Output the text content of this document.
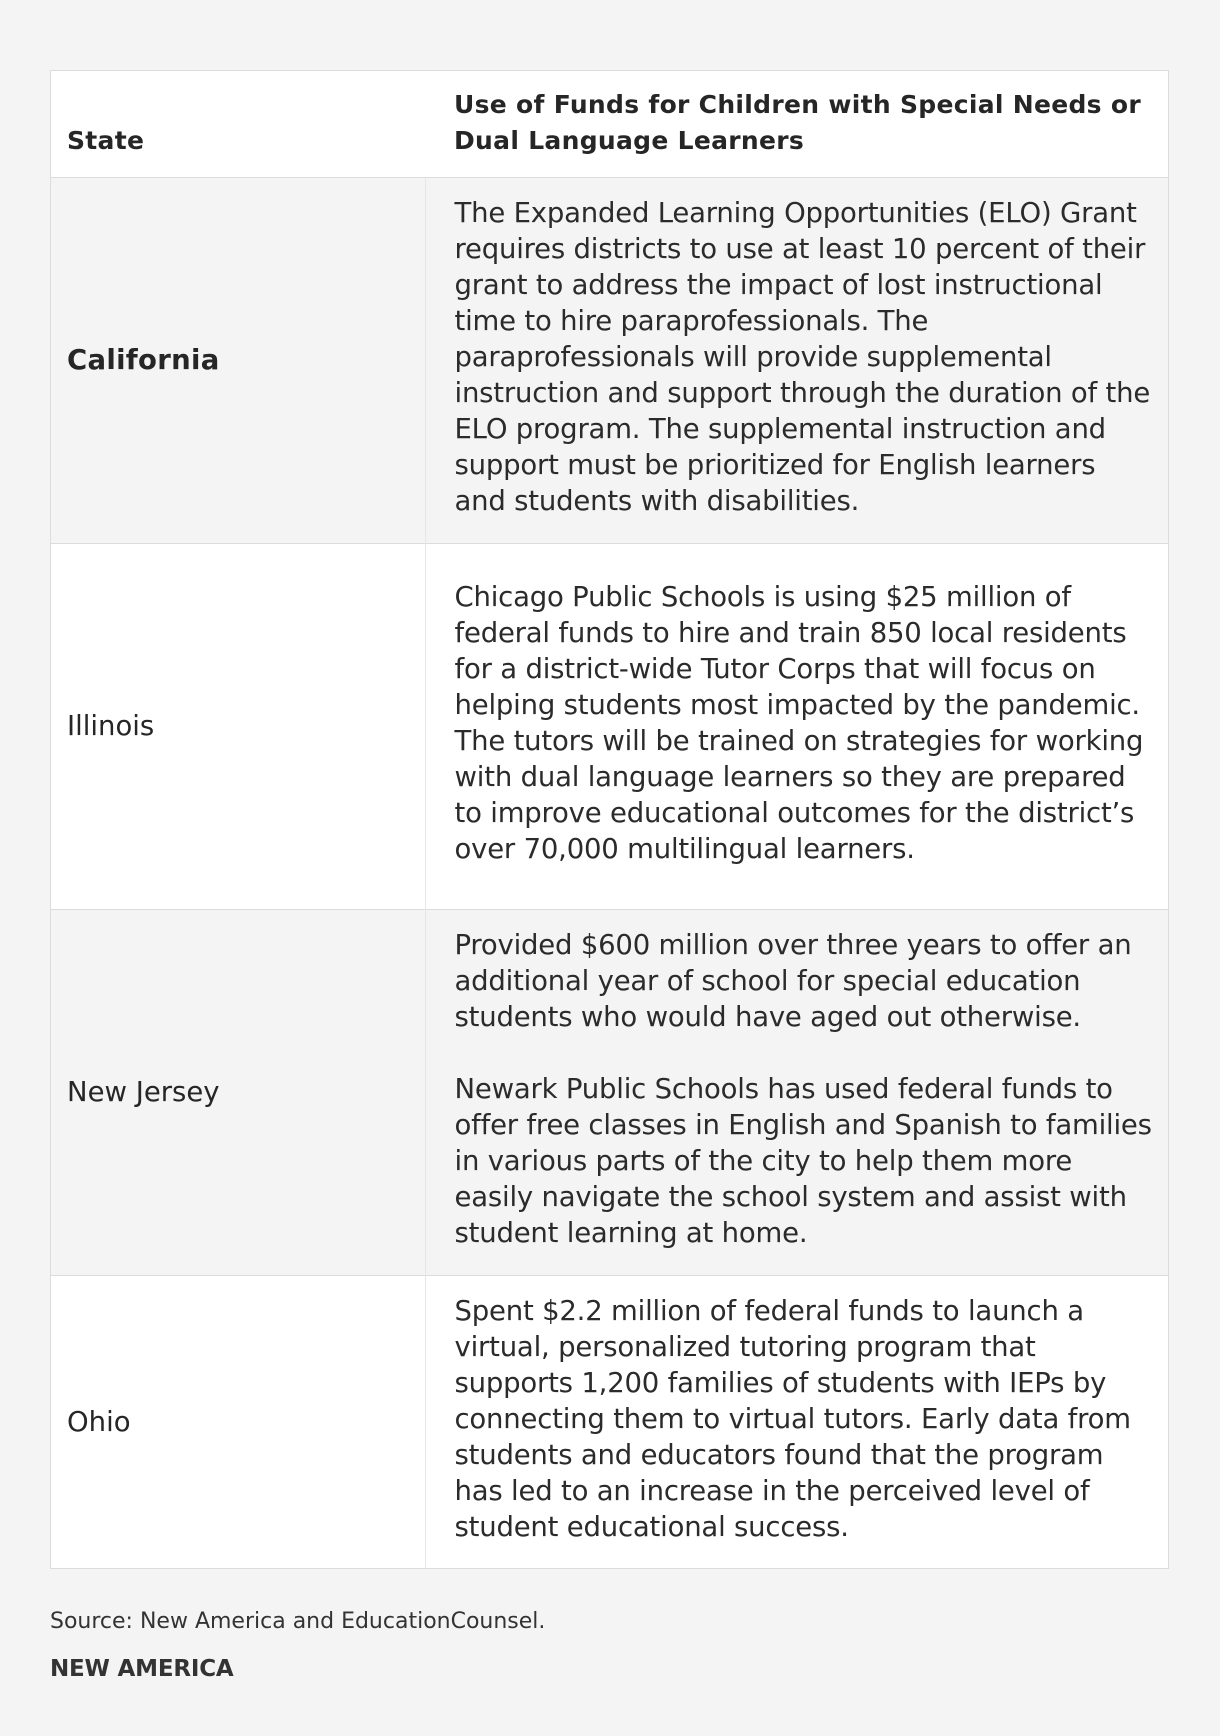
State	Use of Funds for Children with Special Needs or Dual Language Learners
California	The Expanded Learning Opportunities (ELO) Grant requires districts to use at least 10 percent of their grant to address the impact of lost instructional time to hire paraprofessionals. The paraprofessionals will provide supplemental instruction and support through the duration of the ELO program. The supplemental instruction and support must be prioritized for English learners and students with disabilities.

Illinois	Chicago Public Schools is using $25 million of federal funds to hire and train 850 local residents for a district-wide Tutor Corps that will focus on helping students most impacted by the pandemic. The tutors will be trained on strategies for working with dual language learners so they are prepared to improve educational outcomes for the district’s over 70,000 multilingual learners.

New Jersey	Provided $600 million over three years to offer an additional year of school for special education students who would have aged out otherwise.

Newark Public Schools has used federal funds to offer free classes in English and Spanish to families in various parts of the city to help them more easily navigate the school system and assist with student learning at home.

Ohio	Spent $2.2 million of federal funds to launch a virtual, personalized tutoring program that supports 1,200 families of students with IEPs by connecting them to virtual tutors. Early data from students and educators found that the program has led to an increase in the perceived level of student educational success.

Source: New America and EducationCounsel.
NEW AMERICA
